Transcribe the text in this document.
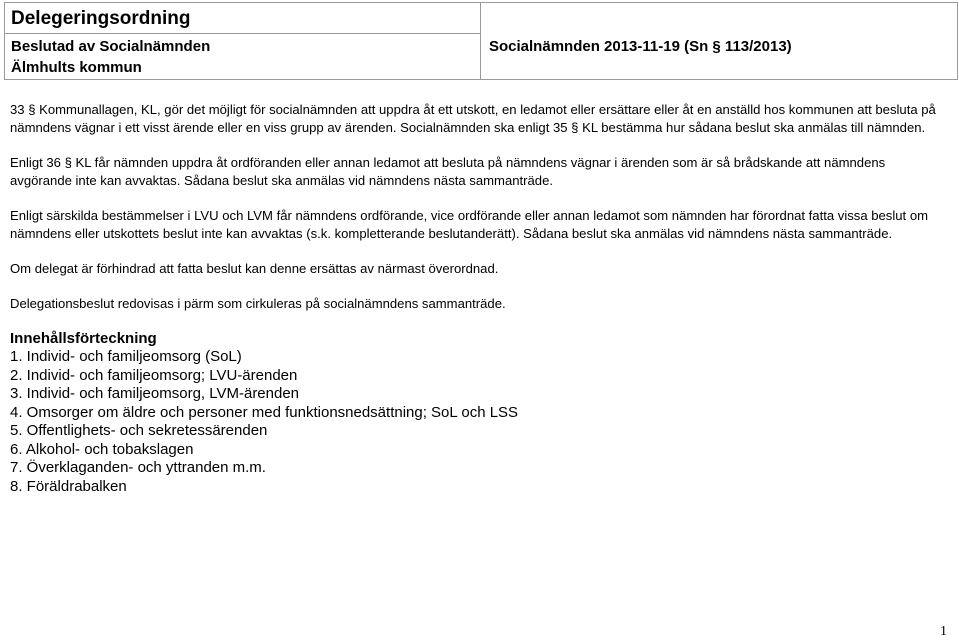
Delegeringsordning
Beslutad av Socialnämnden
Älmhults kommun
Socialnämnden 2013-11-19 (Sn § 113/2013)

33 § Kommunallagen, KL, gör det möjligt för socialnämnden att uppdra åt ett utskott, en ledamot eller ersättare eller åt en anställd hos kommunen att besluta på nämndens vägnar i ett visst ärende eller en viss grupp av ärenden. Socialnämnden ska enligt 35 § KL bestämma hur sådana beslut ska anmälas till nämnden.

Enligt 36 § KL får nämnden uppdra åt ordföranden eller annan ledamot att besluta på nämndens vägnar i ärenden som är så brådskande att nämndens avgörande inte kan avvaktas. Sådana beslut ska anmälas vid nämndens nästa sammanträde.

Enligt särskilda bestämmelser i LVU och LVM får nämndens ordförande, vice ordförande eller annan ledamot som nämnden har förordnat fatta vissa beslut om nämndens eller utskottets beslut inte kan avvaktas (s.k. kompletterande beslutanderätt). Sådana beslut ska anmälas vid nämndens nästa sammanträde.

Om delegat är förhindrad att fatta beslut kan denne ersättas av närmast överordnad.

Delegationsbeslut redovisas i pärm som cirkuleras på socialnämndens sammanträde.

Innehållsförteckning
1. Individ- och familjeomsorg (SoL)
2. Individ- och familjeomsorg; LVU-ärenden
3. Individ- och familjeomsorg, LVM-ärenden
4. Omsorger om äldre och personer med funktionsnedsättning; SoL och LSS
5. Offentlighets- och sekretessärenden
6. Alkohol- och tobakslagen
7. Överklaganden- och yttranden m.m.
8. Föräldrabalken
1
